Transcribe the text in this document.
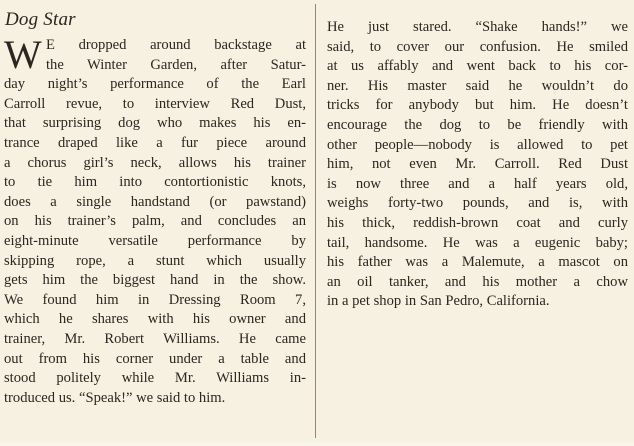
Dog Star
W E dropped around backstage at
the Winter Garden, after Satur-
day night’s performance of the Earl
Carroll revue, to interview Red Dust,
that surprising dog who makes his en-
trance draped like a fur piece around
a chorus girl’s neck, allows his trainer
to tie him into contortionistic knots,
does a single handstand (or pawstand)
on his trainer’s palm, and concludes an
eight-minute versatile performance by
skipping rope, a stunt which usually
gets him the biggest hand in the show.
We found him in Dressing Room 7,
which he shares with his owner and
trainer, Mr. Robert Williams. He came
out from his corner under a table and
stood politely while Mr. Williams in-
troduced us. “Speak!” we said to him.
He just stared. “Shake hands!” we
said, to cover our confusion. He smiled
at us affably and went back to his cor-
ner. His master said he wouldn’t do
tricks for anybody but him. He doesn’t
encourage the dog to be friendly with
other people—nobody is allowed to pet
him, not even Mr. Carroll. Red Dust
is now three and a half years old,
weighs forty-two pounds, and is, with
his thick, reddish-brown coat and curly
tail, handsome. He was a eugenic baby;
his father was a Malemute, a mascot on
an oil tanker, and his mother a chow
in a pet shop in San Pedro, California.
